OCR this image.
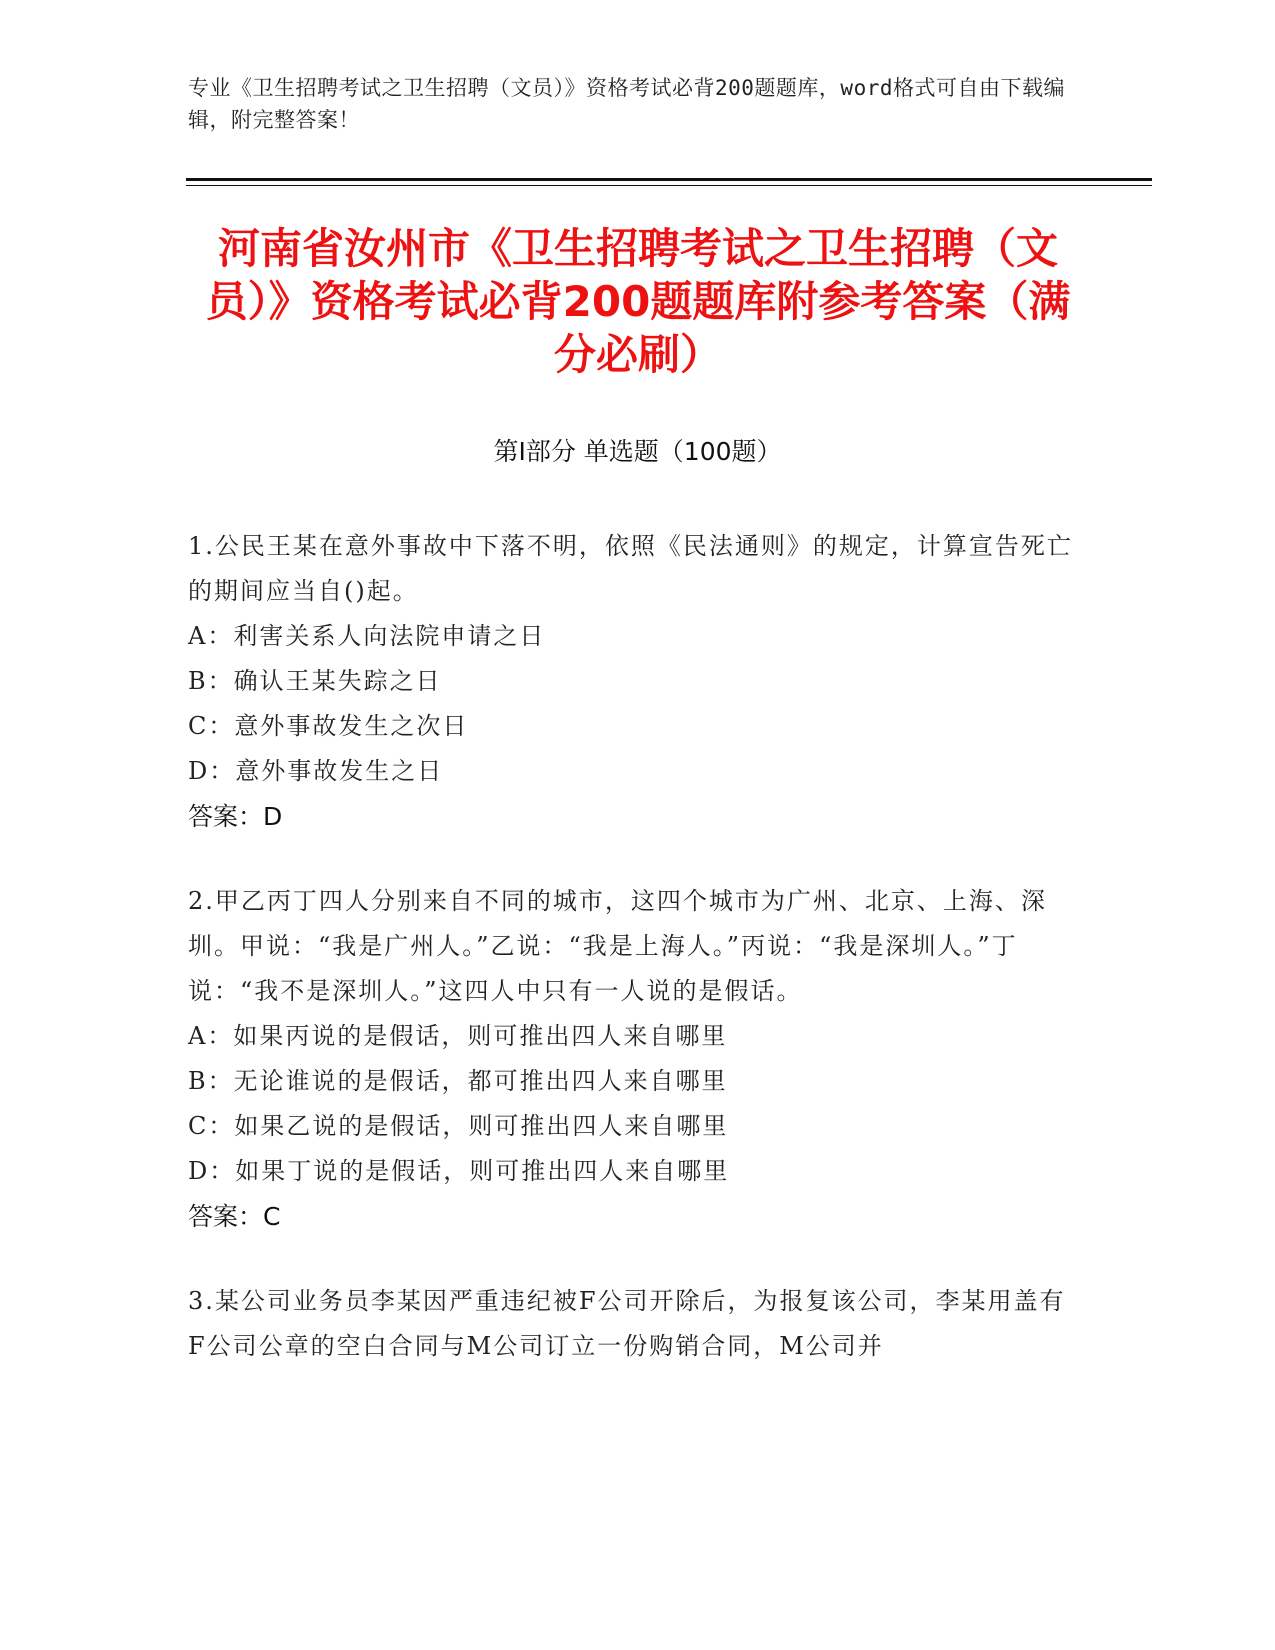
专业《卫生招聘考试之卫生招聘（文员）》资格考试必背200题题库，word格式可自由下载编辑，附完整答案！
河南省汝州市《卫生招聘考试之卫生招聘（文员）》资格考试必背200题题库附参考答案（满分必刷）
第Ⅰ部分 单选题（100题）
1.公民王某在意外事故中下落不明，依照《民法通则》的规定，计算宣告死亡的期间应当自()起。
A：利害关系人向法院申请之日
B：确认王某失踪之日
C：意外事故发生之次日
D：意外事故发生之日
答案：D
2.甲乙丙丁四人分别来自不同的城市，这四个城市为广州、北京、上海、深圳。甲说：“我是广州人。”乙说：“我是上海人。”丙说：“我是深圳人。”丁说：“我不是深圳人。”这四人中只有一人说的是假话。
A：如果丙说的是假话，则可推出四人来自哪里
B：无论谁说的是假话，都可推出四人来自哪里
C：如果乙说的是假话，则可推出四人来自哪里
D：如果丁说的是假话，则可推出四人来自哪里
答案：C
3.某公司业务员李某因严重违纪被F公司开除后，为报复该公司，李某用盖有F公司公章的空白合同与M公司订立一份购销合同，M公司并
